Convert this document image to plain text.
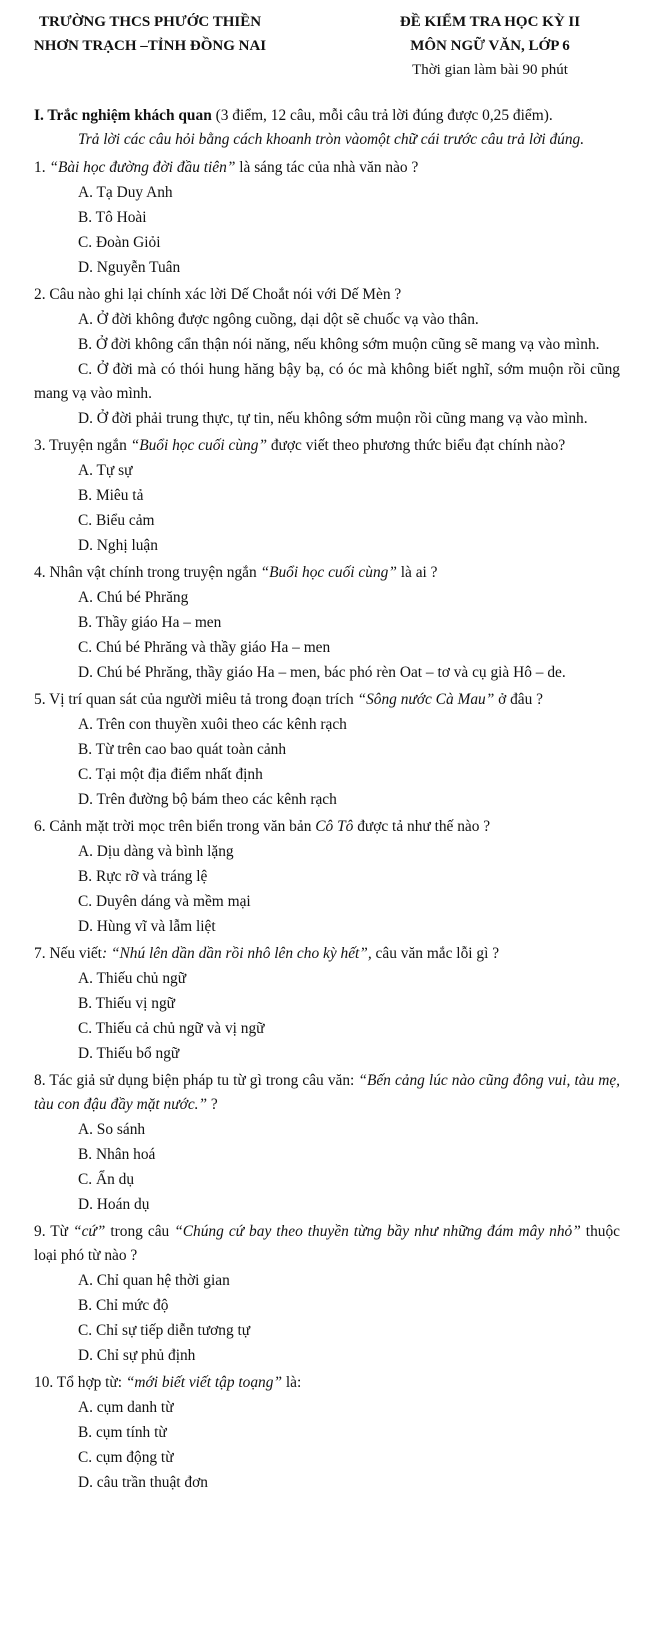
TRƯỜNG THCS PHƯỚC THIỀN
NHƠN TRẠCH –TỈNH ĐỒNG NAI
ĐỀ KIỂM TRA HỌC KỲ II
MÔN NGỮ VĂN, LỚP 6
Thời gian làm bài 90 phút
I. Trắc nghiệm khách quan (3 điểm, 12 câu, mỗi câu trả lời đúng được 0,25 điểm).
Trả lời các câu hỏi bằng cách khoanh tròn vàomột chữ cái trước câu trả lời đúng.
1. “Bài học đường đời đầu tiên” là sáng tác của nhà văn nào ?
A. Tạ Duy Anh
B. Tô Hoài
C. Đoàn Giỏi
D. Nguyễn Tuân
2. Câu nào ghi lại chính xác lời Dế Choắt nói với Dế Mèn ?
A. Ở đời không được ngông cuồng, dại dột sẽ chuốc vạ vào thân.
B. Ở đời không cẩn thận nói năng, nếu không sớm muộn cũng sẽ mang vạ vào mình.
C. Ở đời mà có thói hung hăng bậy bạ, có óc mà không biết nghĩ, sớm muộn rồi cũng mang vạ vào mình.
D. Ở đời phải trung thực, tự tin, nếu không sớm muộn rồi cũng mang vạ vào mình.
3. Truyện ngắn “Buổi học cuối cùng” được viết theo phương thức biểu đạt chính nào?
A. Tự sự
B. Miêu tả
C. Biểu cảm
D. Nghị luận
4. Nhân vật chính trong truyện ngắn “Buổi học cuối cùng” là ai ?
A. Chú bé Phrăng
B. Thầy giáo Ha – men
C. Chú bé Phrăng và thầy giáo Ha – men
D. Chú bé Phrăng, thầy giáo Ha – men, bác phó rèn Oat – tơ và cụ già Hô – de.
5. Vị trí quan sát của người miêu tả trong đoạn trích “Sông nước Cà Mau” ở đâu ?
A. Trên con thuyền xuôi theo các kênh rạch
B. Từ trên cao bao quát toàn cảnh
C. Tại một địa điểm nhất định
D. Trên đường bộ bám theo các kênh rạch
6. Cảnh mặt trời mọc trên biển trong văn bản Cô Tô được tả như thế nào ?
A. Dịu dàng và bình lặng
B. Rực rỡ và tráng lệ
C. Duyên dáng và mềm mại
D. Hùng vĩ và lẫm liệt
7. Nếu viết: “Nhú lên dần dần rồi nhô lên cho kỳ hết”, câu văn mắc lỗi gì ?
A. Thiếu chủ ngữ
B. Thiếu vị ngữ
C. Thiếu cả chủ ngữ và vị ngữ
D. Thiếu bổ ngữ
8. Tác giả sử dụng biện pháp tu từ gì trong câu văn: “Bến cảng lúc nào cũng đông vui, tàu mẹ, tàu con đậu đầy mặt nước.” ?
A. So sánh
B. Nhân hoá
C. Ẩn dụ
D. Hoán dụ
9. Từ “cứ” trong câu “Chúng cứ bay theo thuyền từng bầy như những đám mây nhỏ” thuộc loại phó từ nào ?
A. Chỉ quan hệ thời gian
B. Chỉ mức độ
C. Chỉ sự tiếp diễn tương tự
D. Chỉ sự phủ định
10. Tổ hợp từ: “mới biết viết tập toạng” là:
A. cụm danh từ
B. cụm tính từ
C. cụm động từ
D. câu trần thuật đơn
